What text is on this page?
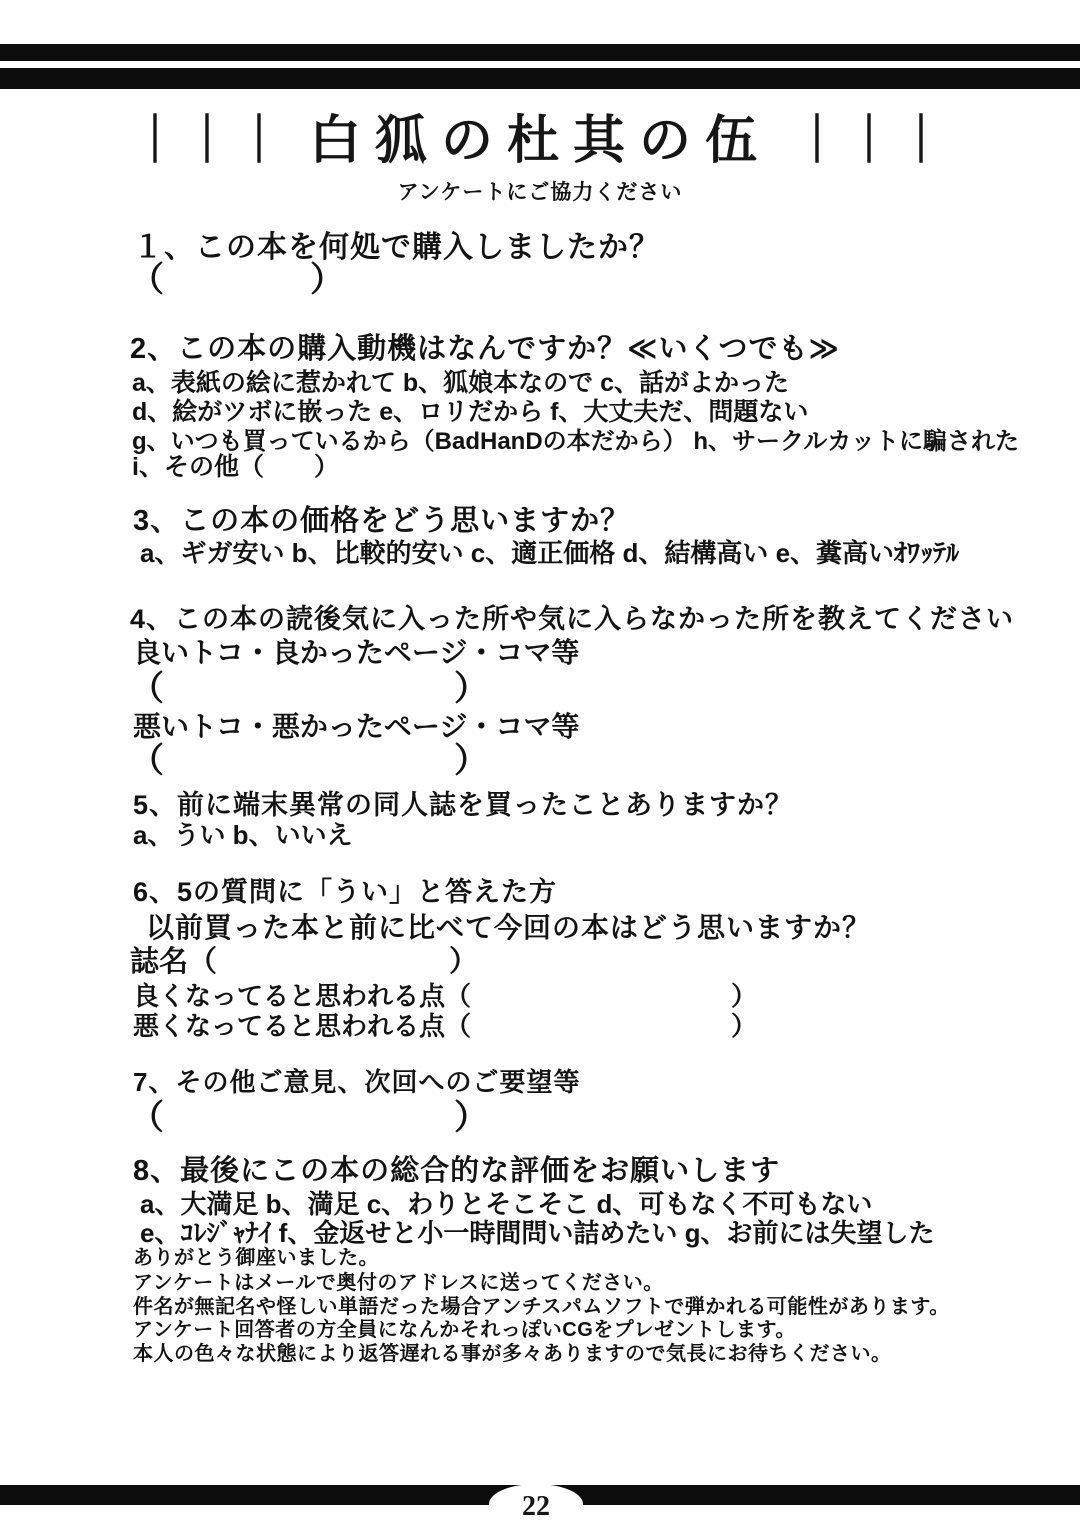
｜｜｜ 白狐の杜其の伍 ｜｜｜
アンケートにご協力ください
１、この本を何処で購入しましたか？
（　　　　）
2、この本の購入動機はなんですか？≪いくつでも≫
a、表紙の絵に惹かれて b、狐娘本なので c、話がよかった
d、絵がツボに嵌った e、ロリだから f、大丈夫だ、問題ない
g、いつも買っているから（BadHanDの本だから） h、サークルカットに騙された
i、その他（　　）
3、この本の価格をどう思いますか？
a、ギガ安い b、比較的安い c、適正価格 d、結構高い e、糞高いｵﾜｯﾃﾙ
4、この本の読後気に入った所や気に入らなかった所を教えてください
良いトコ・良かったページ・コマ等
（　　　　　　　　）
悪いトコ・悪かったページ・コマ等
（　　　　　　　　）
5、前に端末異常の同人誌を買ったことありますか？
a、うい b、いいえ
6、5の質問に「うい」と答えた方
以前買った本と前に比べて今回の本はどう思いますか？
誌名（　　　　　　　　）
良くなってると思われる点（　　　　　　　　　　）
悪くなってると思われる点（　　　　　　　　　　）
7、その他ご意見、次回へのご要望等
（　　　　　　　　）
8、最後にこの本の総合的な評価をお願いします
a、大満足 b、満足 c、わりとそこそこ d、可もなく不可もない
e、ｺﾚｼﾞｬﾅｲ f、金返せと小一時間問い詰めたい g、お前には失望した
ありがとう御座いました。
アンケートはメールで奥付のアドレスに送ってください。
件名が無記名や怪しい単語だった場合アンチスパムソフトで弾かれる可能性があります。
アンケート回答者の方全員になんかそれっぽいCGをプレゼントします。
本人の色々な状態により返答遅れる事が多々ありますので気長にお待ちください。
22
